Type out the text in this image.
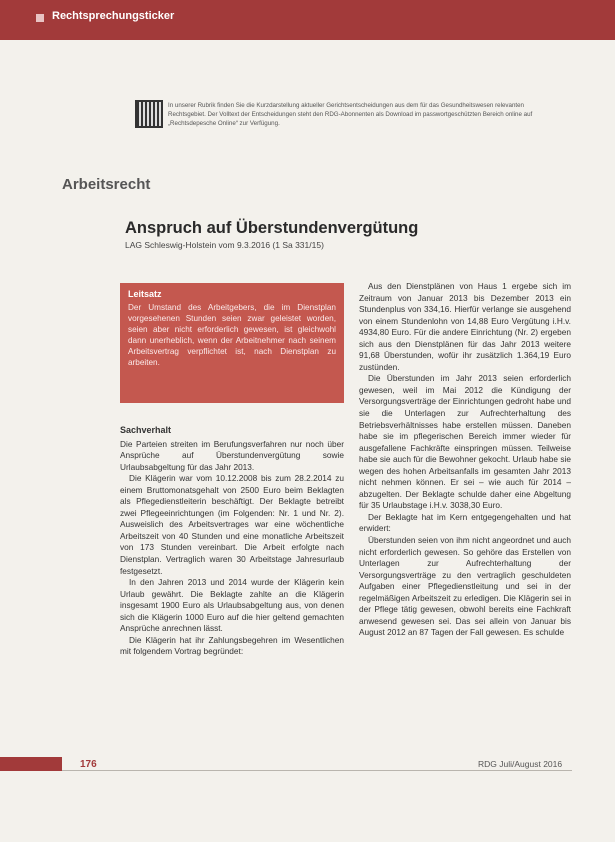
Rechtsprechungsticker

In unserer Rubrik finden Sie die Kurzdarstellung aktueller Gerichtsentscheidungen aus dem für das Gesundheitswesen relevanten Rechtsgebiet. Der Volltext der Entscheidungen steht den RDG-Abonnenten als Download im passwortgeschützten Bereich online auf „Rechtsdepesche Online“ zur Verfügung.

Arbeitsrecht
Anspruch auf Überstundenvergütung
LAG Schleswig-Holstein vom 9.3.2016 (1 Sa 331/15)
Leitsatz
Der Umstand des Arbeitgebers, die im Dienstplan vorgesehenen Stunden seien zwar geleistet worden, seien aber nicht erforderlich gewesen, ist gleichwohl dann unerheblich, wenn der Arbeitnehmer nach seinem Arbeitsvertrag verpflichtet ist, nach Dienstplan zu arbeiten.
Sachverhalt

Die Parteien streiten im Berufungsverfahren nur noch über Ansprüche auf Überstundenvergütung sowie Urlaubsabgeltung für das Jahr 2013.

Die Klägerin war vom 10.12.2008 bis zum 28.2.2014 zu einem Bruttomonatsgehalt von 2500 Euro beim Beklagten als Pflegedienstleiterin beschäftigt. Der Beklagte betreibt zwei Pflegeeinrichtungen (im Folgenden: Nr. 1 und Nr. 2). Ausweislich des Arbeitsvertrages war eine wöchentliche Arbeitszeit von 40 Stunden und eine monatliche Arbeitszeit von 173 Stunden vereinbart. Die Arbeit erfolgte nach Dienstplan. Vertraglich waren 30 Arbeitstage Jahresurlaub festgesetzt.

In den Jahren 2013 und 2014 wurde der Klägerin kein Urlaub gewährt. Die Beklagte zahlte an die Klägerin insgesamt 1900 Euro als Urlaubsabgeltung aus, von denen sich die Klägerin 1000 Euro auf die hier geltend gemachten Ansprüche anrechnen lässt.

Die Klägerin hat ihr Zahlungsbegehren im Wesentlichen mit folgendem Vortrag begründet:

Aus den Dienstplänen von Haus 1 ergebe sich im Zeitraum von Januar 2013 bis Dezember 2013 ein Stundenplus von 334,16. Hierfür verlange sie ausgehend von einem Stundenlohn von 14,88 Euro Vergütung i.H.v. 4934,80 Euro. Für die andere Einrichtung (Nr. 2) ergeben sich aus den Dienstplänen für das Jahr 2013 weitere 91,68 Überstunden, wofür ihr zusätzlich 1.364,19 Euro zustünden.

Die Überstunden im Jahr 2013 seien erforderlich gewesen, weil im Mai 2012 die Kündigung der Versorgungsverträge der Einrichtungen gedroht habe und sie die Unterlagen zur Aufrechterhaltung des Betriebsverhältnisses habe erstellen müssen. Daneben habe sie im pflegerischen Bereich immer wieder für ausgefallene Fachkräfte einspringen müssen. Teilweise habe sie auch für die Bewohner gekocht. Urlaub habe sie wegen des hohen Arbeitsanfalls im gesamten Jahr 2013 nicht nehmen können. Er sei – wie auch für 2014 – abzugelten. Der Beklagte schulde daher eine Abgeltung für 35 Urlaubstage i.H.v. 3038,30 Euro.

Der Beklagte hat im Kern entgegengehalten und hat erwidert:

Überstunden seien von ihm nicht angeordnet und auch nicht erforderlich gewesen. So gehöre das Erstellen von Unterlagen zur Aufrechterhaltung der Versorgungsverträge zu den vertraglich geschuldeten Aufgaben einer Pflegedienstleitung und sei in der regelmäßigen Arbeitszeit zu erledigen. Die Klägerin sei in der Pflege tätig gewesen, obwohl bereits eine Fachkraft anwesend gewesen sei. Das sei allein von Januar bis August 2012 an 87 Tagen der Fall gewesen. Es schulde

176	RDG Juli/August 2016
